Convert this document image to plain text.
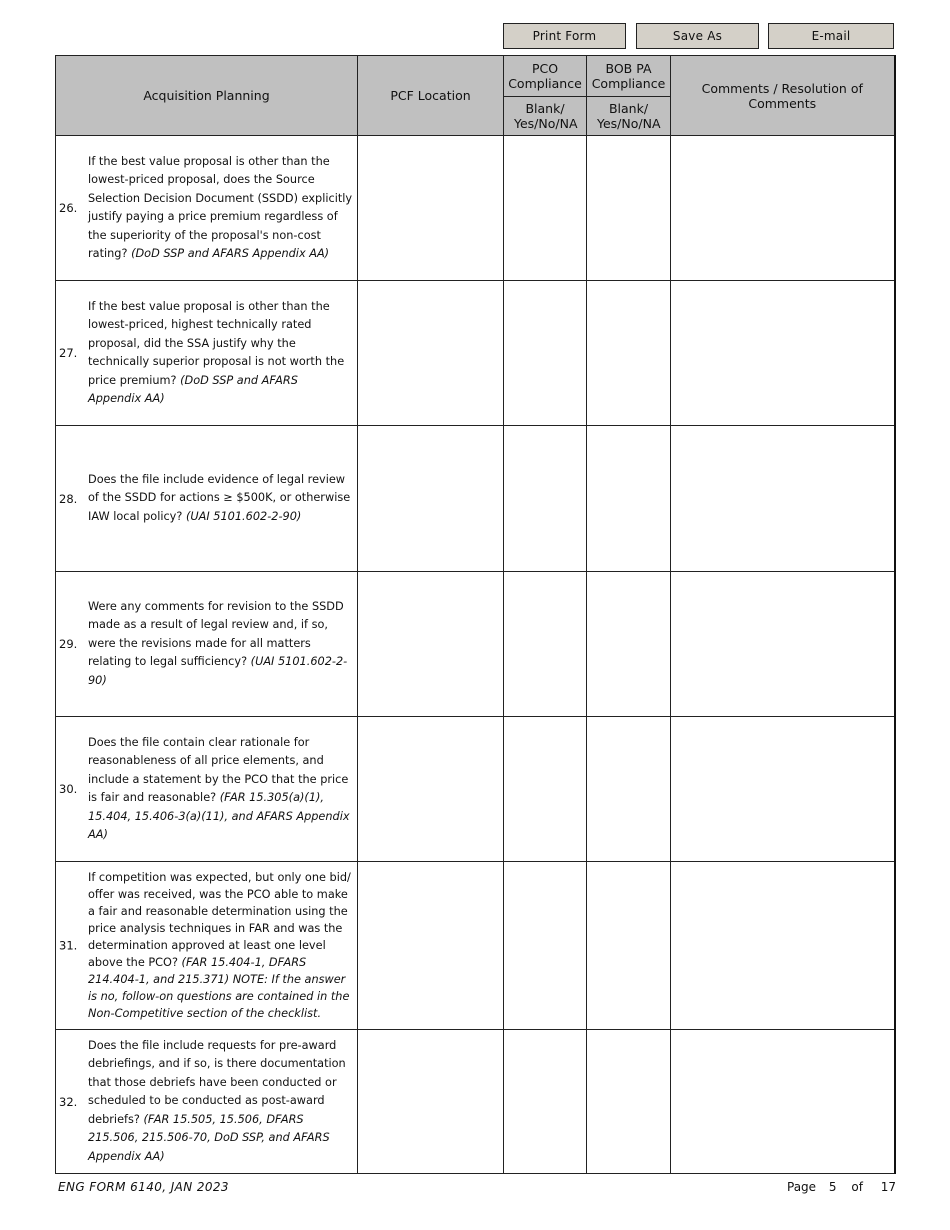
Print Form	Save As	E-mail
Acquisition Planning	PCF Location	PCO Compliance	BOB PA Compliance	Comments / Resolution of Comments
		Blank/ Yes/No/NA	Blank/ Yes/No/NA	

26.
If the best value proposal is other than the lowest-priced proposal, does the Source Selection Decision Document (SSDD) explicitly justify paying a price premium regardless of the superiority of the proposal's non-cost rating? (DoD SSP and AFARS Appendix AA)				

27.
If the best value proposal is other than the lowest-priced, highest technically rated proposal, did the SSA justify why the technically superior proposal is not worth the price premium? (DoD SSP and AFARS Appendix AA)				

28.
Does the file include evidence of legal review of the SSDD for actions ≥ $500K, or otherwise IAW local policy? (UAI 5101.602-2-90)				

29.
Were any comments for revision to the SSDD made as a result of legal review and, if so, were the revisions made for all matters relating to legal sufficiency? (UAI 5101.602-2-90)				

30.
Does the file contain clear rationale for reasonableness of all price elements, and include a statement by the PCO that the price is fair and reasonable? (FAR 15.305(a)(1), 15.404, 15.406-3(a)(11), and AFARS Appendix AA)				

31.
If competition was expected, but only one bid/ offer was received, was the PCO able to make a fair and reasonable determination using the price analysis techniques in FAR and was the determination approved at least one level above the PCO? (FAR 15.404-1, DFARS 214.404-1, and 215.371) NOTE: If the answer is no, follow-on questions are contained in the Non-Competitive section of the checklist.				

32.
Does the file include requests for pre-award debriefings, and if so, is there documentation that those debriefs have been conducted or scheduled to be conducted as post-award debriefs? (FAR 15.505, 15.506, DFARS 215.506, 215.506-70, DoD SSP, and AFARS Appendix AA)				

ENG FORM 6140, JAN 2023	Page 5 of 17
